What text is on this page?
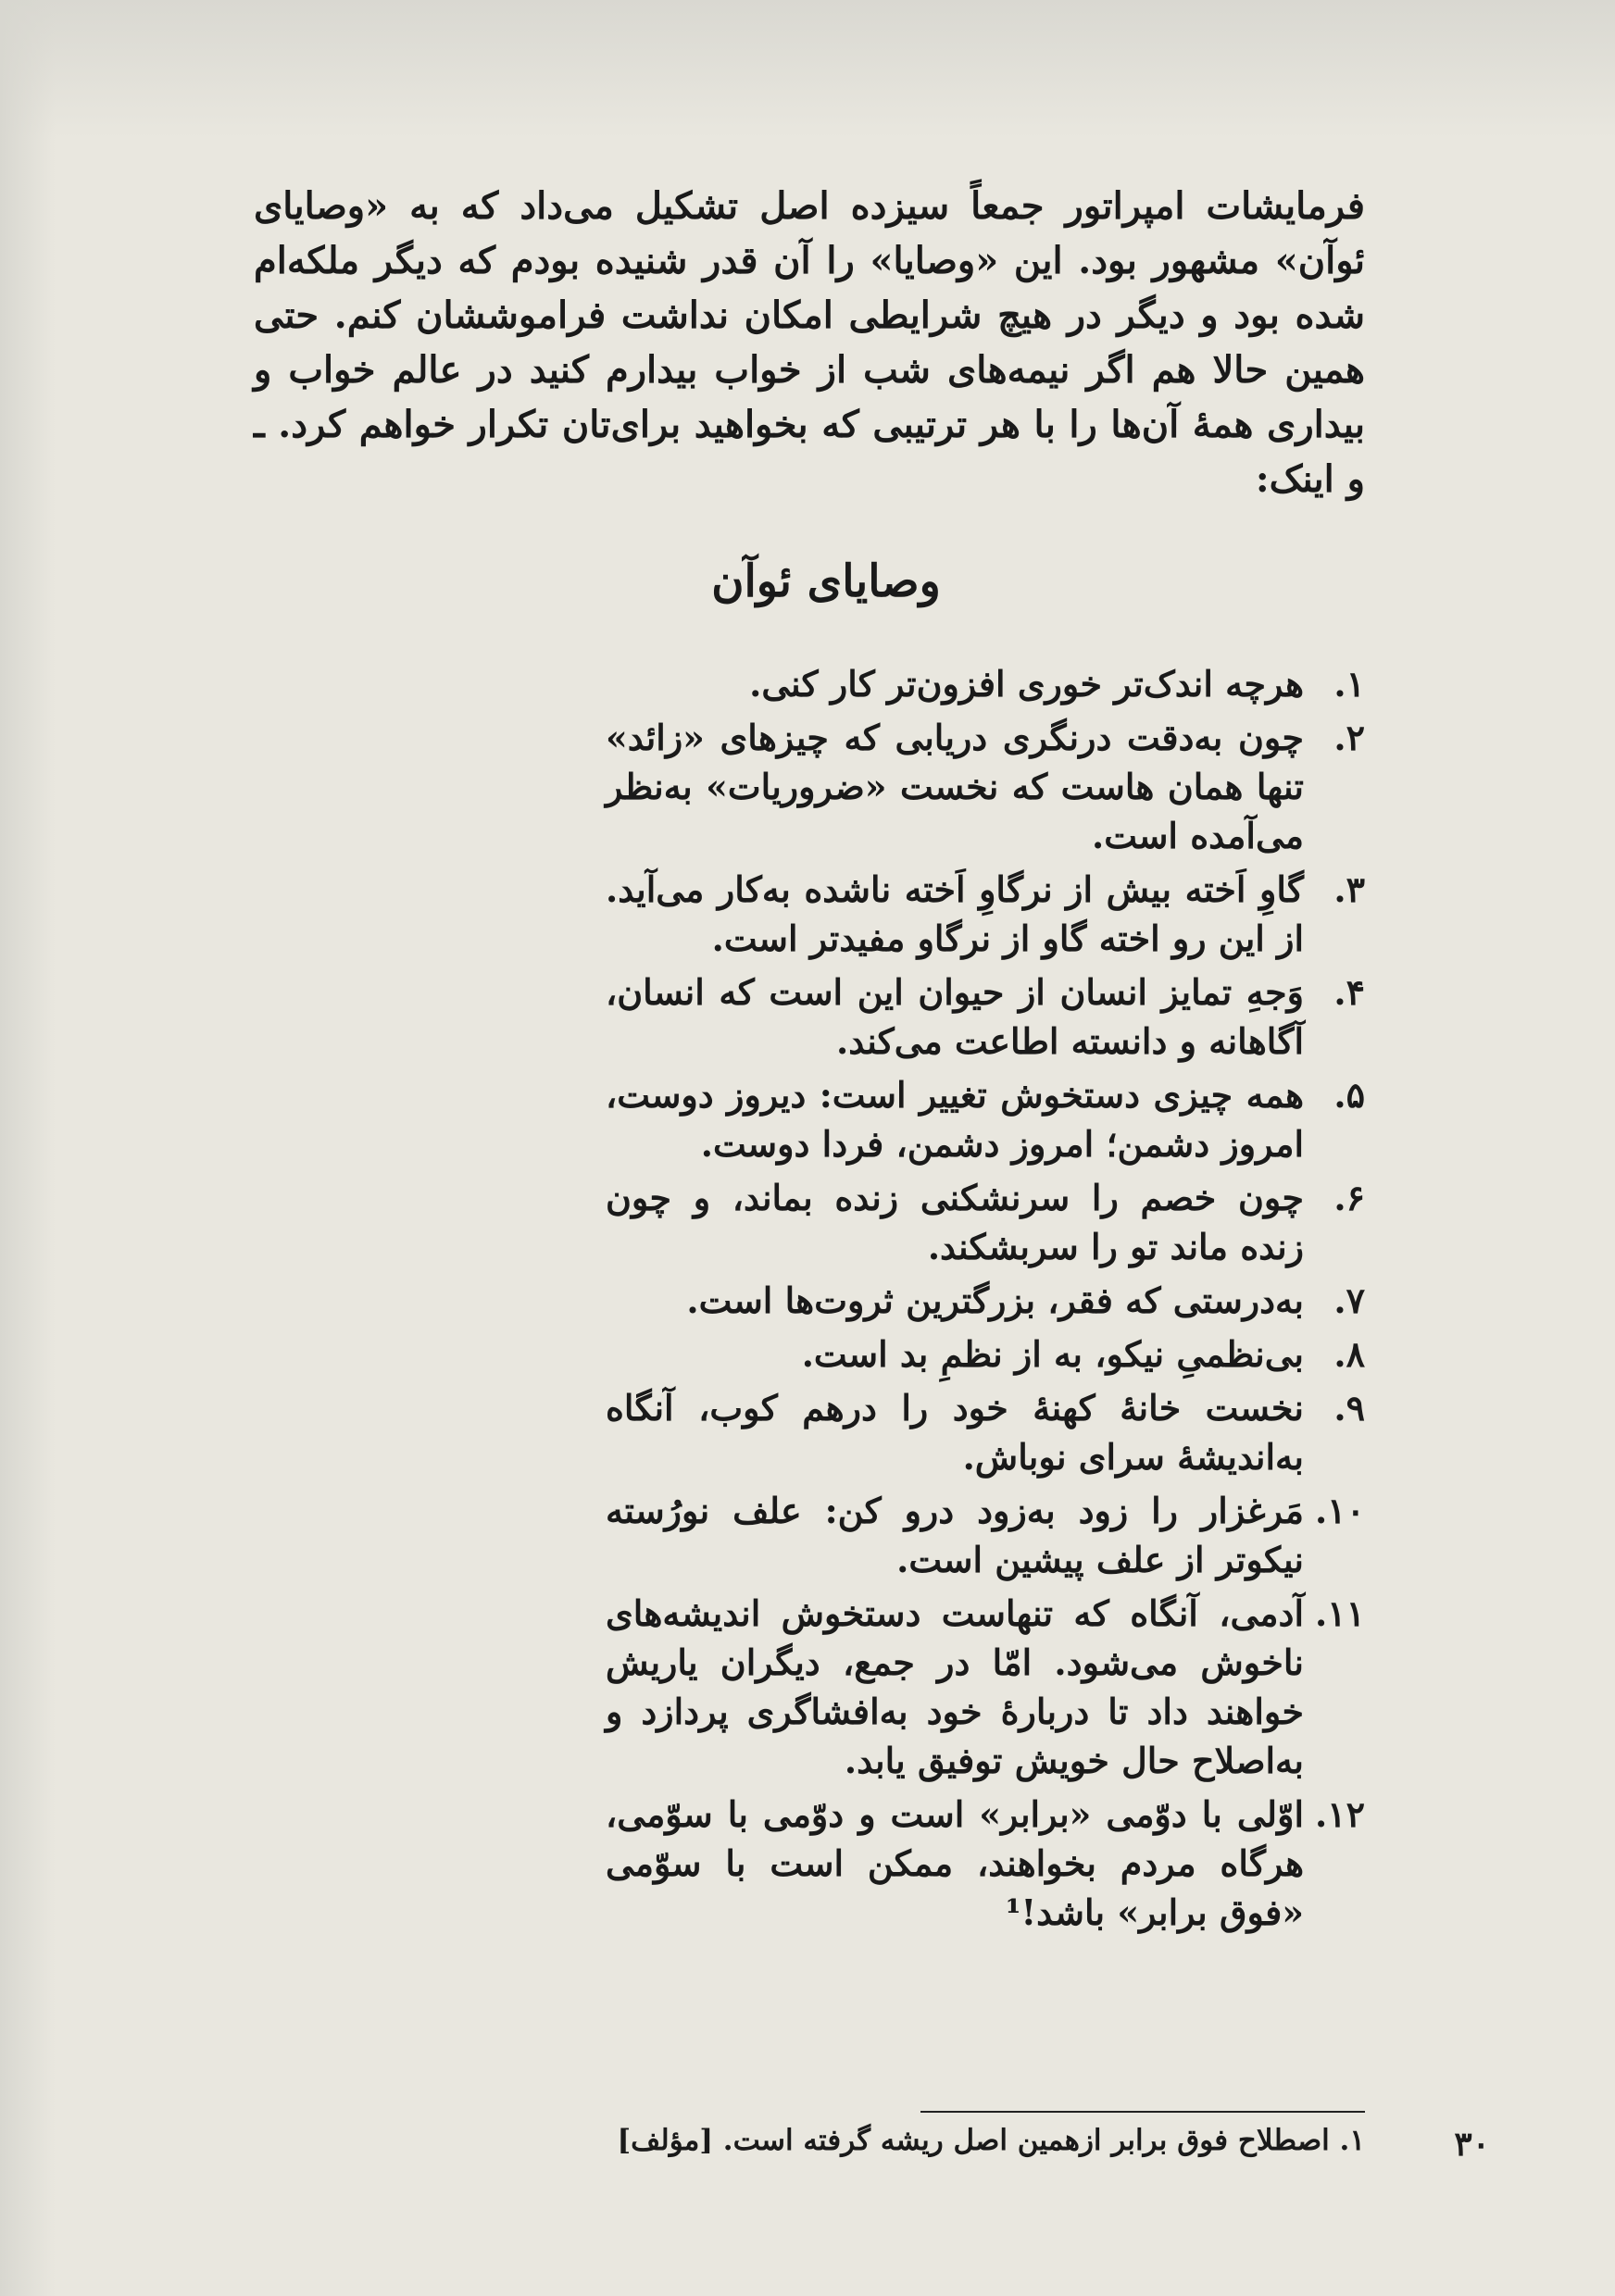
فرمایشات امپراتور جمعاً سیزده اصل تشکیل می‌داد که به «وصایای ئوآن» مشهور بود. این «وصایا» را آن قدر شنیده بودم که دیگر ملکه‌ام شده بود و دیگر در هیچ شرایطی امکان نداشت فراموششان کنم. حتی همین حالا هم اگر نیمه‌های شب از خواب بیدارم کنید در عالم خواب و بیداری همهٔ آن‌ها را با هر ترتیبی که بخواهید برای‌تان تکرار خواهم کرد. ـ و اینک:

وصایای ئوآن
۱.
هرچه اندک‌تر خوری افزون‌تر کار کنی.
۲.
چون به‌دقت درنگری دریابی که چیزهای «زائد» تنها همان هاست که نخست «ضروریات» به‌نظر می‌آمده است.
۳.
گاوِ اَخته بیش از نرگاوِ اَخته ناشده به‌کار می‌آید. از این رو اخته گاو از نرگاو مفیدتر است.
۴.
وَجهِ تمایز انسان از حیوان این است که انسان، آگاهانه و دانسته اطاعت می‌کند.
۵.
همه چیزی دستخوش تغییر است: دیروز دوست، امروز دشمن؛ امروز دشمن، فردا دوست.
۶.
چون خصم را سرنشکنی زنده بماند، و چون زنده ماند تو را سربشکند.
۷.
به‌درستی که فقر، بزرگترین ثروت‌ها است.
۸.
بی‌نظمیِ نیکو، به از نظمِ بد است.
۹.
نخست خانهٔ کهنهٔ خود را درهم کوب، آنگاه به‌اندیشهٔ سرای نوباش.
۱۰.
مَرغزار را زود به‌زود درو کن: علف نورُسته نیکوتر از علف پیشین است.
۱۱.
آدمی، آنگاه که تنهاست دستخوش اندیشه‌های ناخوش می‌شود. امّا در جمع، دیگران یاریش خواهند داد تا دربارهٔ خود به‌افشاگری پردازد و به‌اصلاح حال خویش توفیق یابد.
۱۲.
اوّلی با دوّمی «برابر» است و دوّمی با سوّمی، هرگاه مردم بخواهند، ممکن است با سوّمی «فوق برابر» باشد!¹
۱. اصطلاح فوق برابر ازهمین اصل ریشه گرفته است. [مؤلف]	۳۰
